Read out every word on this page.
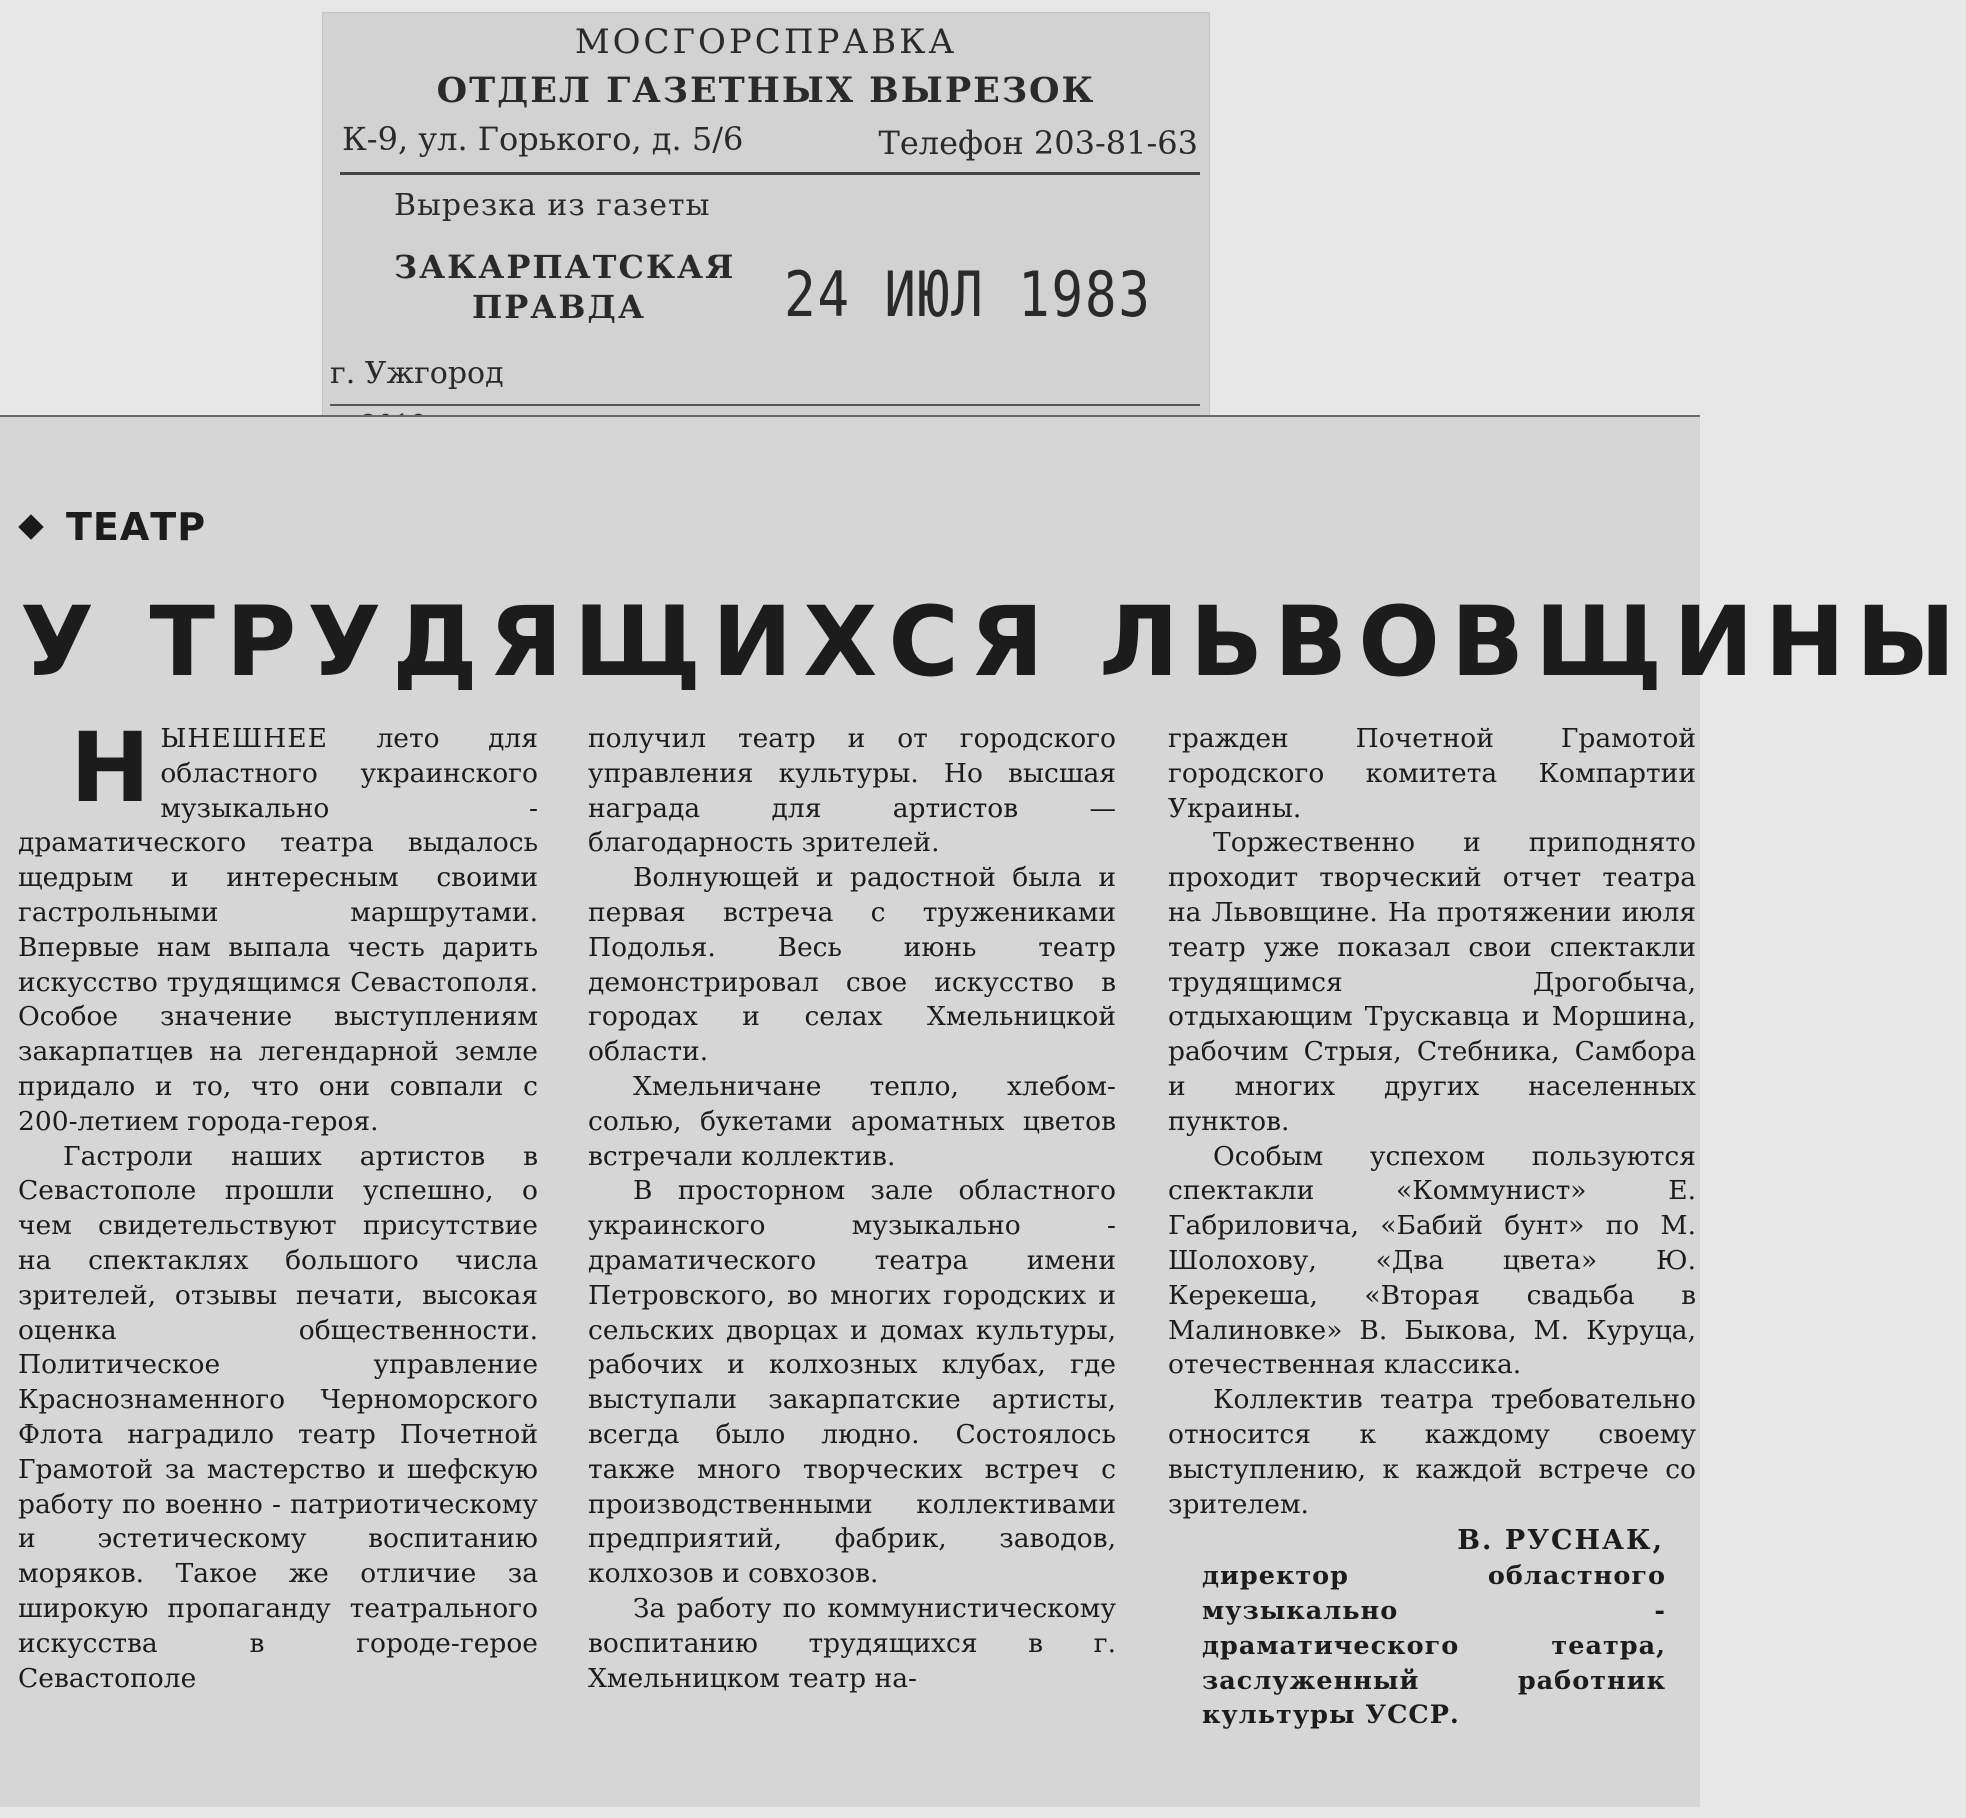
МОСГОРСПРАВКА
ОТДЕЛ ГАЗЕТНЫХ ВЫРЕЗОК
К-9, ул. Горького, д. 5/6	Телефон 203-81-63
Вырезка из газеты
ЗАКАРПАТСКАЯ
ПРАВДА 24 ИЮЛ 1983
г. Ужгород
ТЕАТР
У ТРУДЯЩИХСЯ ЛЬВОВЩИНЫ

НЫНЕШНЕЕ лето для областного украинского музыкально - драматического театра выдалось щедрым и интересным своими гастрольными маршрутами. Впервые нам выпала честь дарить искусство трудящимся Севастополя. Особое значение выступлениям закарпатцев на легендарной земле придало и то, что они совпали с 200-летием города-героя.

Гастроли наших артистов в Севастополе прошли успешно, о чем свидетельствуют присутствие на спектаклях большого числа зрителей, отзывы печати, высокая оценка общественности. Политическое управление Краснознаменного Черноморского Флота наградило театр Почетной Грамотой за мастерство и шефскую работу по военно - патриотическому и эстетическому воспитанию моряков. Такое же отличие за широкую пропаганду театрального искусства в городе-герое Севастополе

получил театр и от городского управления культуры. Но высшая награда для артистов — благодарность зрителей.

Волнующей и радостной была и первая встреча с тружениками Подолья. Весь июнь театр демонстрировал свое искусство в городах и селах Хмельницкой области.

Хмельничане тепло, хлебом-солью, букетами ароматных цветов встречали коллектив.

В просторном зале областного украинского музыкально - драматического театра имени Петровского, во многих городских и сельских дворцах и домах культуры, рабочих и колхозных клубах, где выступали закарпатские артисты, всегда было людно. Состоялось также много творческих встреч с производственными коллективами предприятий, фабрик, заводов, колхозов и совхозов.

За работу по коммунистическому воспитанию трудящихся в г. Хмельницком театр на-

гражден Почетной Грамотой городского комитета Компартии Украины.

Торжественно и приподнято проходит творческий отчет театра на Львовщине. На протяжении июля театр уже показал свои спектакли трудящимся Дрогобыча, отдыхающим Трускавца и Моршина, рабочим Стрыя, Стебника, Самбора и многих других населенных пунктов.

Особым успехом пользуются спектакли «Коммунист» Е. Габриловича, «Бабий бунт» по М. Шолохову, «Два цвета» Ю. Керекеша, «Вторая свадьба в Малиновке» В. Быкова, М. Куруца, отечественная классика.

Коллектив театра требовательно относится к каждому своему выступлению, к каждой встрече со зрителем.

В. РУСНАК,
директор областного музыкально - драматического театра, заслуженный работник культуры УССР.
